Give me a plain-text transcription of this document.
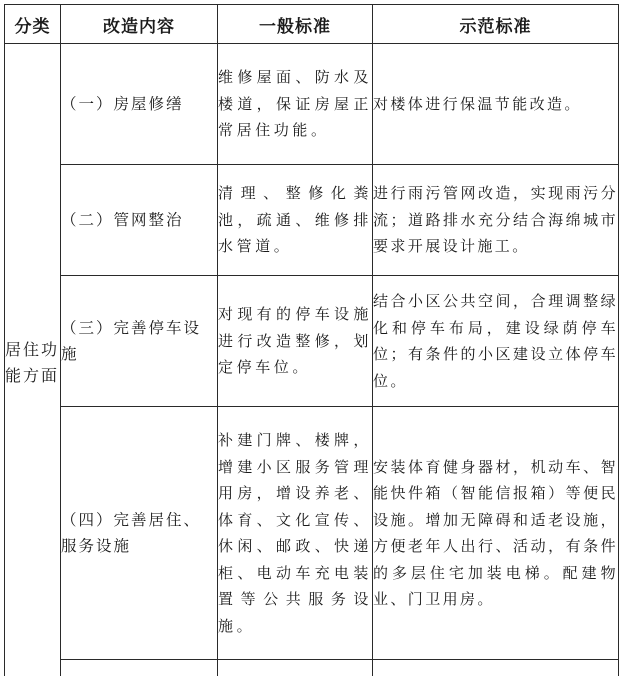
分类	改造内容	一般标准	示范标准
居住功能方面	（一）房屋修缮	维修屋面、防水及楼道，保证房屋正常居住功能。	对楼体进行保温节能改造。
	（二）管网整治	清理、整修化粪池，疏通、维修排水管道。	进行雨污管网改造，实现雨污分流；道路排水充分结合海绵城市要求开展设计施工。
	（三）完善停车设施	对现有的停车设施进行改造整修，划定停车位。	结合小区公共空间，合理调整绿化和停车布局，建设绿荫停车位；有条件的小区建设立体停车位。
	（四）完善居住、服务设施	补建门牌、楼牌，增建小区服务管理用房，增设养老、体育、文化宣传、休闲、邮政、快递柜、电动车充电装置等公共服务设施。	安装体育健身器材，机动车、智能快件箱（智能信报箱）等便民设施。增加无障碍和适老设施，方便老年人出行、活动，有条件的多层住宅加装电梯。配建物业、门卫用房。
